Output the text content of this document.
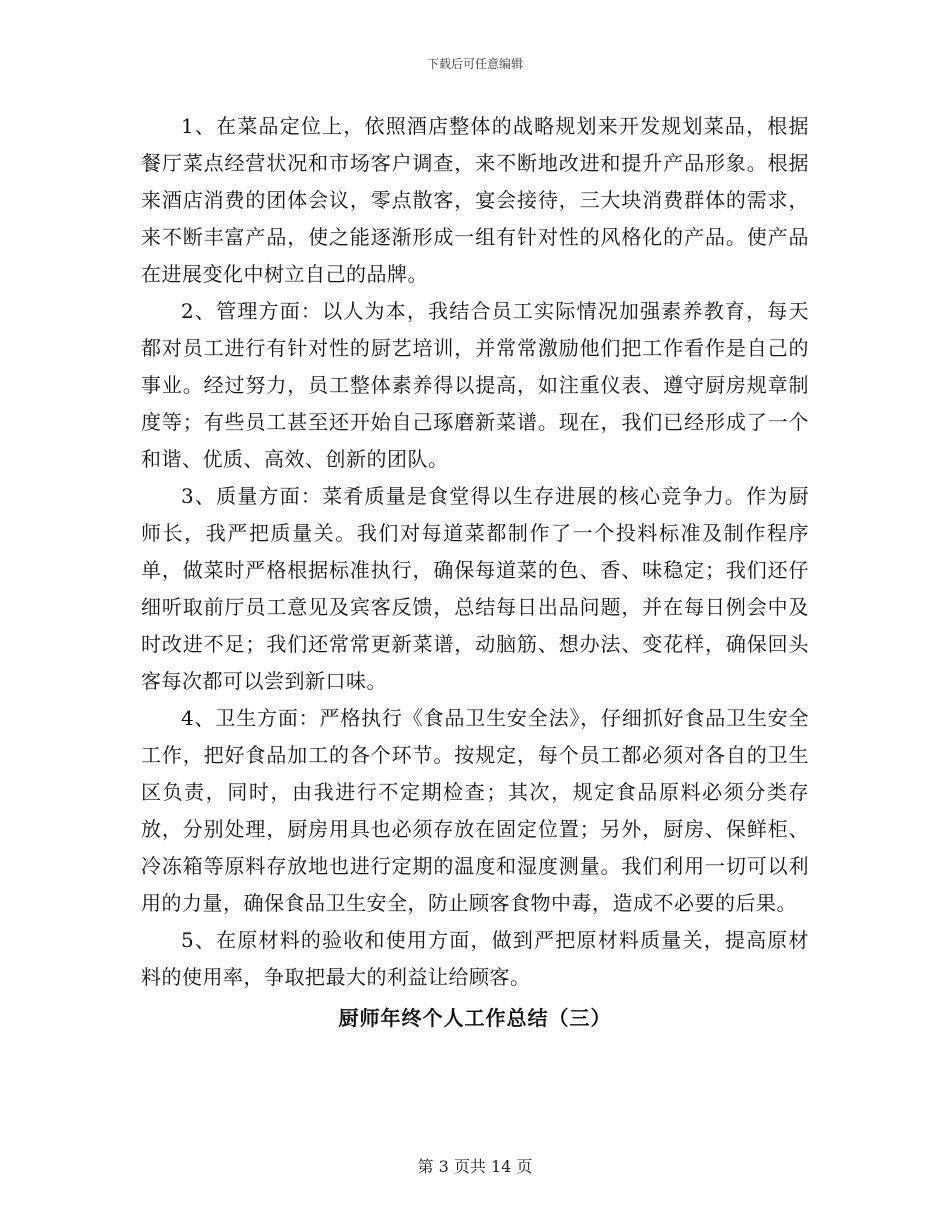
下载后可任意编辑

1、在菜品定位上，依照酒店整体的战略规划来开发规划菜品，根据餐厅菜点经营状况和市场客户调查，来不断地改进和提升产品形象。根据来酒店消费的团体会议，零点散客，宴会接待，三大块消费群体的需求，来不断丰富产品，使之能逐渐形成一组有针对性的风格化的产品。使产品在进展变化中树立自己的品牌。

2、管理方面：以人为本，我结合员工实际情况加强素养教育，每天都对员工进行有针对性的厨艺培训，并常常激励他们把工作看作是自己的事业。经过努力，员工整体素养得以提高，如注重仪表、遵守厨房规章制度等；有些员工甚至还开始自己琢磨新菜谱。现在，我们已经形成了一个和谐、优质、高效、创新的团队。

3、质量方面：菜肴质量是食堂得以生存进展的核心竞争力。作为厨师长，我严把质量关。我们对每道菜都制作了一个投料标准及制作程序单，做菜时严格根据标准执行，确保每道菜的色、香、味稳定；我们还仔细听取前厅员工意见及宾客反馈，总结每日出品问题，并在每日例会中及时改进不足；我们还常常更新菜谱，动脑筋、想办法、变花样，确保回头客每次都可以尝到新口味。

4、卫生方面：严格执行《食品卫生安全法》，仔细抓好食品卫生安全工作，把好食品加工的各个环节。按规定，每个员工都必须对各自的卫生区负责，同时，由我进行不定期检查；其次，规定食品原料必须分类存放，分别处理，厨房用具也必须存放在固定位置；另外，厨房、保鲜柜、冷冻箱等原料存放地也进行定期的温度和湿度测量。我们利用一切可以利用的力量，确保食品卫生安全，防止顾客食物中毒，造成不必要的后果。

5、在原材料的验收和使用方面，做到严把原材料质量关，提高原材料的使用率，争取把最大的利益让给顾客。

厨师年终个人工作总结（三）
第 3 页共 14 页
